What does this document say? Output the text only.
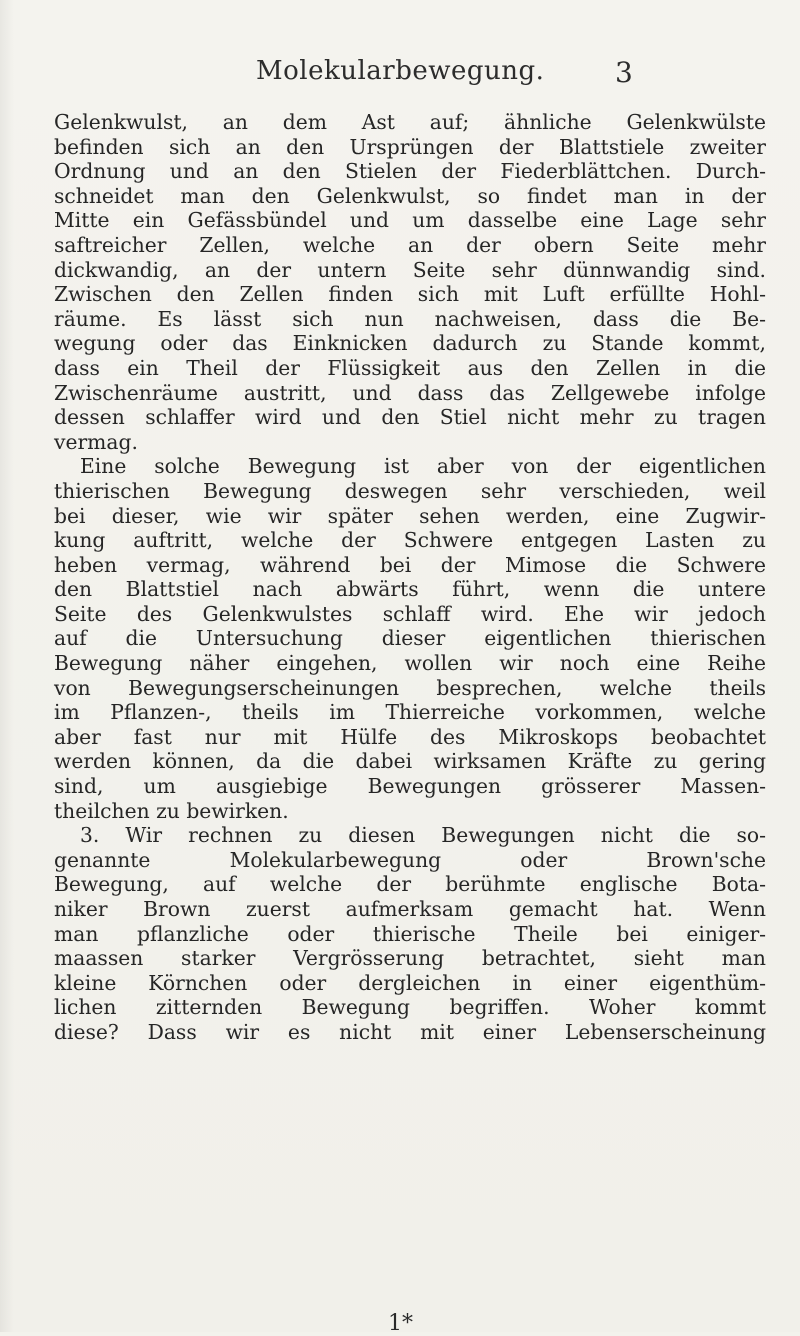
Molekularbewegung.	3
Gelenkwulst, an dem Ast auf; ähnliche Gelenkwülste
befinden sich an den Ursprüngen der Blattstiele zweiter
Ordnung und an den Stielen der Fiederblättchen. Durch-
schneidet man den Gelenkwulst, so findet man in der
Mitte ein Gefässbündel und um dasselbe eine Lage sehr
saftreicher Zellen, welche an der obern Seite mehr
dickwandig, an der untern Seite sehr dünnwandig sind.
Zwischen den Zellen finden sich mit Luft erfüllte Hohl-
räume. Es lässt sich nun nachweisen, dass die Be-
wegung oder das Einknicken dadurch zu Stande kommt,
dass ein Theil der Flüssigkeit aus den Zellen in die
Zwischenräume austritt, und dass das Zellgewebe infolge
dessen schlaffer wird und den Stiel nicht mehr zu tragen
vermag.
Eine solche Bewegung ist aber von der eigentlichen
thierischen Bewegung deswegen sehr verschieden, weil
bei dieser, wie wir später sehen werden, eine Zugwir-
kung auftritt, welche der Schwere entgegen Lasten zu
heben vermag, während bei der Mimose die Schwere
den Blattstiel nach abwärts führt, wenn die untere
Seite des Gelenkwulstes schlaff wird. Ehe wir jedoch
auf die Untersuchung dieser eigentlichen thierischen
Bewegung näher eingehen, wollen wir noch eine Reihe
von Bewegungserscheinungen besprechen, welche theils
im Pflanzen-, theils im Thierreiche vorkommen, welche
aber fast nur mit Hülfe des Mikroskops beobachtet
werden können, da die dabei wirksamen Kräfte zu gering
sind, um ausgiebige Bewegungen grösserer Massen-
theilchen zu bewirken.
3. Wir rechnen zu diesen Bewegungen nicht die so-
genannte Molekularbewegung oder Brown'sche
Bewegung, auf welche der berühmte englische Bota-
niker Brown zuerst aufmerksam gemacht hat. Wenn
man pflanzliche oder thierische Theile bei einiger-
maassen starker Vergrösserung betrachtet, sieht man
kleine Körnchen oder dergleichen in einer eigenthüm-
lichen zitternden Bewegung begriffen. Woher kommt
diese? Dass wir es nicht mit einer Lebenserscheinung
1*
